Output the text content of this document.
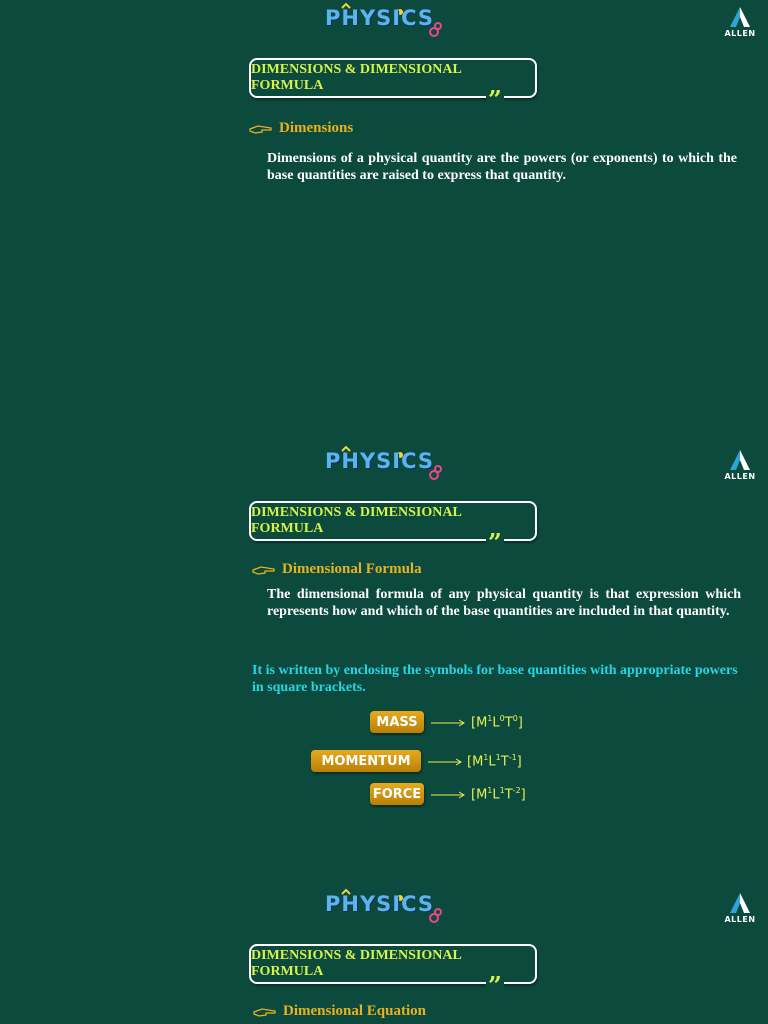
PHYSICS
ALLEN
DIMENSIONS & DIMENSIONAL FORMULA	”
Dimensions

Dimensions of a physical quantity are the powers (or exponents) to which the base quantities are raised to express that quantity.

PHYSICS
ALLEN
DIMENSIONS & DIMENSIONAL FORMULA	”
Dimensional Formula

The dimensional formula of any physical quantity is that expression which represents how and which of the base quantities are included in that quantity.

It is written by enclosing the symbols for base quantities with appropriate powers in square brackets.

MASS	$[M^1L^0T^0]$
MOMENTUM	$[M^1L^1T^{-1}]$
FORCE	$[M^1L^1T^{-2}]$
PHYSICS
ALLEN
DIMENSIONS & DIMENSIONAL FORMULA	”
Dimensional Equation
